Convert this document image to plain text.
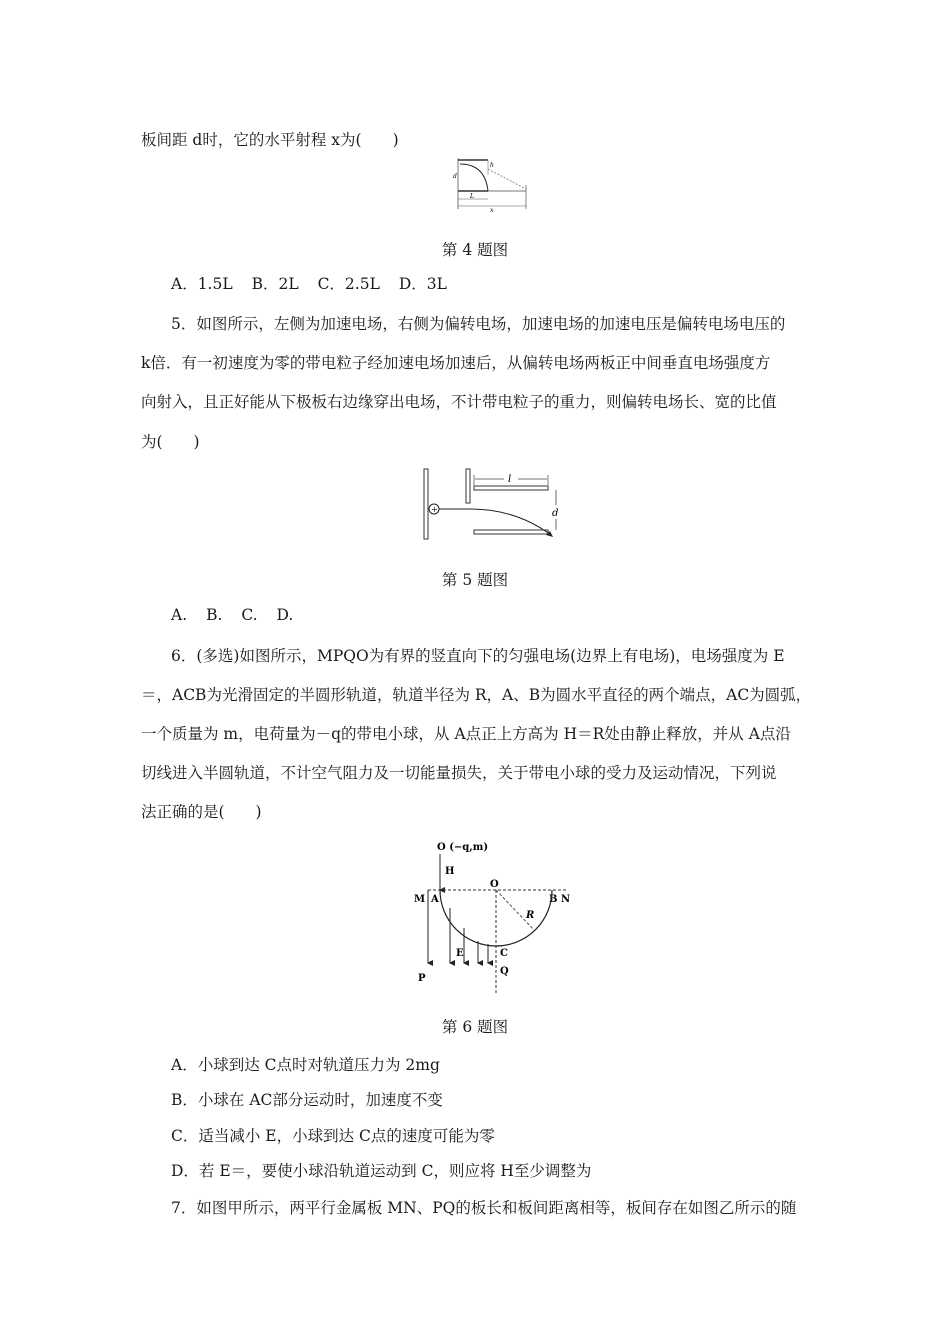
板间距 d时，它的水平射程 x为(　　)
h
d
L
x
第 4 题图
A．1.5L B．2L C．2.5L D．3L
5．如图所示，左侧为加速电场，右侧为偏转电场，加速电场的加速电压是偏转电场电压的
k倍．有一初速度为零的带电粒子经加速电场加速后，从偏转电场两板正中间垂直电场强度方
向射入，且正好能从下极板右边缘穿出电场，不计带电粒子的重力，则偏转电场长、宽的比值
为(　　)
+
l
d
第 5 题图
A. B. C. D.
6．(多选)如图所示，MPQO为有界的竖直向下的匀强电场(边界上有电场)，电场强度为 E
＝，ACB为光滑固定的半圆形轨道，轨道半径为 R，A、B为圆水平直径的两个端点，AC为圆弧，
一个质量为 m，电荷量为－q的带电小球，从 A点正上方高为 H＝R处由静止释放，并从 A点沿
切线进入半圆轨道，不计空气阻力及一切能量损失，关于带电小球的受力及运动情况，下列说
法正确的是(　　)
O (−q,m)
H
M A
O
B N
R
E	C
P
Q
第 6 题图
A．小球到达 C点时对轨道压力为 2mg
B．小球在 AC部分运动时，加速度不变
C．适当减小 E，小球到达 C点的速度可能为零
D．若 E＝，要使小球沿轨道运动到 C，则应将 H至少调整为
7．如图甲所示，两平行金属板 MN、PQ的板长和板间距离相等，板间存在如图乙所示的随
